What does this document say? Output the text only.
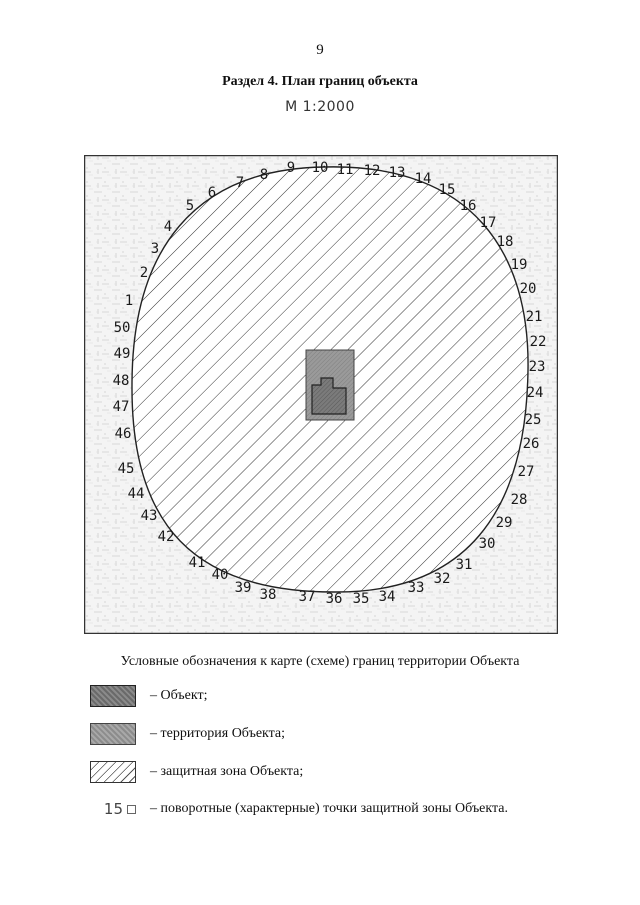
9
Раздел 4. План границ объекта
М 1:2000
1
2
3
4
5
6
7 8 9 10 11 12 13 14
15
16
17
18
19
20
21
22
23
24
25
26
27
28
29
30
31
32
33
34
35
36
37
38
39
40
41
42
43
44
45
46
47
48
49
50
Условные обозначения к карте (схеме) границ территории Объекта
– Объект;
– территория Объекта;
– защитная зона Объекта;
15 – поворотные (характерные) точки защитной зоны Объекта.
